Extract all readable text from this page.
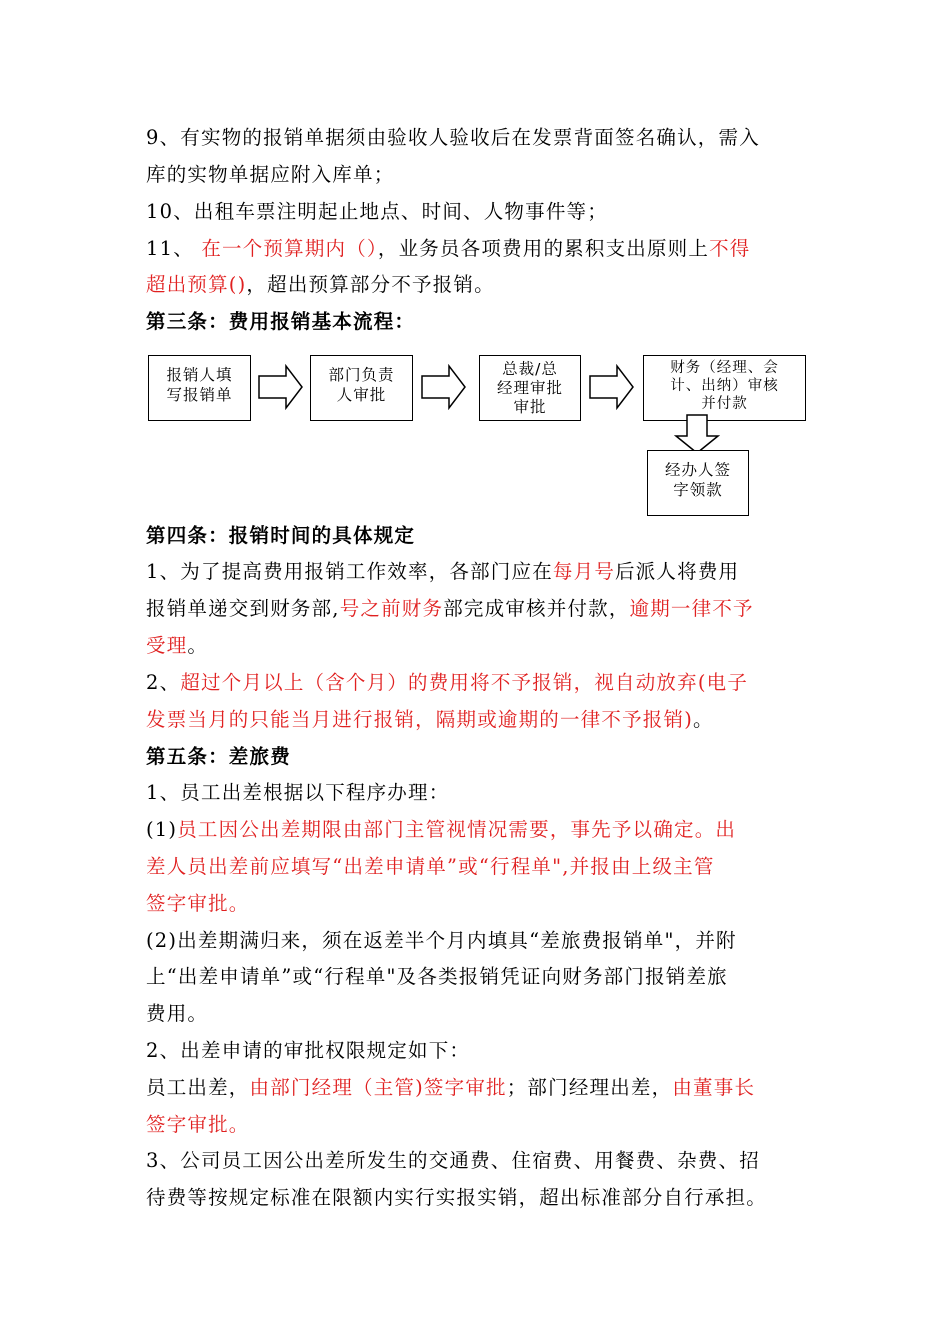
9、有实物的报销单据须由验收人验收后在发票背面签名确认，需入
库的实物单据应附入库单；
10、出租车票注明起止地点、时间、人物事件等；
11、 在一个预算期内（），业务员各项费用的累积支出原则上不得
超出预算()，超出预算部分不予报销。
第三条：费用报销基本流程：
报销人填
写报销单
部门负责
人审批
总裁/总
经理审批
审批
财务（经理、会
计、出纳）审核
并付款
经办人签
字领款
第四条：报销时间的具体规定
1、为了提高费用报销工作效率，各部门应在每月号后派人将费用
报销单递交到财务部,号之前财务部完成审核并付款，逾期一律不予
受理。
2、超过个月以上（含个月）的费用将不予报销，视自动放弃(电子
发票当月的只能当月进行报销，隔期或逾期的一律不予报销)。
第五条：差旅费
1、员工出差根据以下程序办理：
(1)员工因公出差期限由部门主管视情况需要，事先予以确定。出
差人员出差前应填写“出差申请单”或“行程单",并报由上级主管
签字审批。
(2)出差期满归来，须在返差半个月内填具“差旅费报销单"，并附
上“出差申请单”或“行程单"及各类报销凭证向财务部门报销差旅
费用。
2、出差申请的审批权限规定如下：
员工出差，由部门经理（主管)签字审批；部门经理出差，由董事长
签字审批。
3、公司员工因公出差所发生的交通费、住宿费、用餐费、杂费、招
待费等按规定标准在限额内实行实报实销，超出标准部分自行承担。
